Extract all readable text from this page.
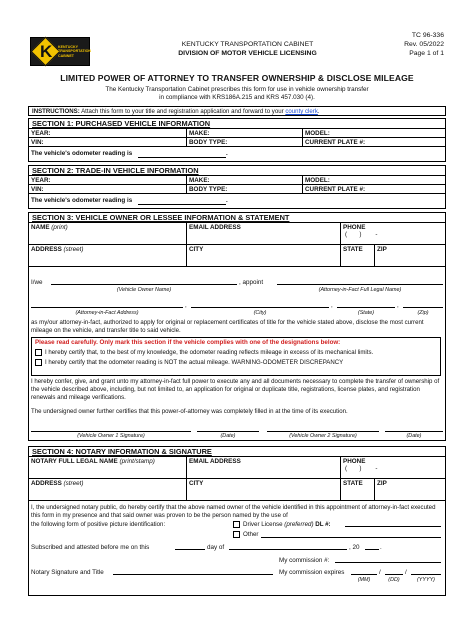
K KENTUCKY TRANSPORTATION CABINET
KENTUCKY TRANSPORTATION CABINET
DIVISION OF MOTOR VEHICLE LICENSING
TC 96-336
Rev. 05/2022
Page 1 of 1
LIMITED POWER OF ATTORNEY TO TRANSFER OWNERSHIP & DISCLOSE MILEAGE
The Kentucky Transportation Cabinet prescribes this form for use in vehicle ownership transfer
in compliance with KRS186A.215 and KRS 457.030 (4).
INSTRUCTIONS: Attach this form to your title and registration application and forward to your county clerk.
SECTION 1: PURCHASED VEHICLE INFORMATION
YEAR:	MAKE:	MODEL:
VIN:	BODY TYPE:	CURRENT PLATE #:
The vehicle's odometer reading is	.
SECTION 2: TRADE-IN VEHICLE INFORMATION
YEAR:	MAKE:	MODEL:
VIN:	BODY TYPE:	CURRENT PLATE #:
The vehicle's odometer reading is	.
SECTION 3: VEHICLE OWNER OR LESSEE INFORMATION & STATEMENT
NAME (print)	EMAIL ADDRESS	PHONE
(       )        -
ADDRESS (street)	CITY	STATE	ZIP
I/we	, appoint
(Vehicle Owner Name)	(Attorney-in-Fact Full Legal Name)
,	,	,
(Attorney-in-Fact Address)	(City)	(State)	(Zip)
as my/our attorney-in-fact, authorized to apply for original or replacement certificates of title for the vehicle stated above, disclose the most current mileage on the vehicle, and transfer title to said vehicle.
Please read carefully. Only mark this section if the vehicle complies with one of the designations below:
I hereby certify that, to the best of my knowledge, the odometer reading reflects mileage in excess of its mechanical limits.
I hereby certify that the odometer reading is NOT the actual mileage. WARNING-ODOMETER DISCREPANCY
I hereby confer, give, and grant unto my attorney-in-fact full power to execute any and all documents necessary to complete the transfer of ownership of the vehicle described above, including, but not limited to, an application for original or duplicate title, registrations, license plates, and registration renewals and mileage verifications.
The undersigned owner further certifies that this power-of-attorney was completely filled in at the time of its execution.
(Vehicle Owner 1 Signature)	(Date)	(Vehicle Owner 2 Signature)	(Date)
SECTION 4: NOTARY INFORMATION & SIGNATURE
NOTARY FULL LEGAL NAME (print/stamp)	EMAIL ADDRESS	PHONE
(       )        -
ADDRESS (street)	CITY	STATE	ZIP
I, the undersigned notary public, do hereby certify that the above named owner of the vehicle identified in this appointment of attorney-in-fact executed this form in my presence and that said owner was proven to be the person named by the use of
the following form of positive picture identification:	Driver License (preferred) DL #:
Other
Subscribed and attested before me on this	day of	, 20	.
My commission #:
Notary Signature and Title	My commission expires	/	/
(MM)	(DD)	(YYYY)
